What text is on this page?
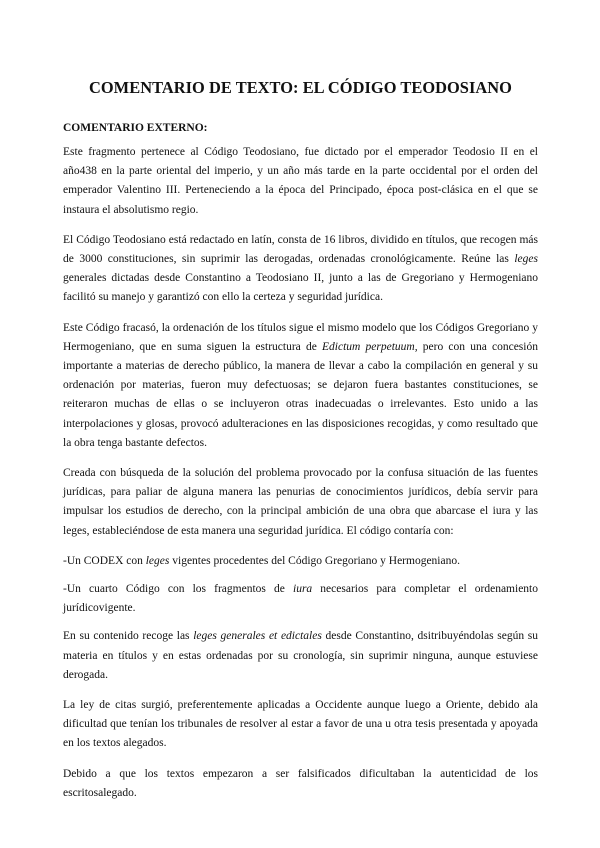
COMENTARIO DE TEXTO: EL CÓDIGO TEODOSIANO
COMENTARIO EXTERNO:

Este fragmento pertenece al Código Teodosiano, fue dictado por el emperador Teodosio II en el año438 en la parte oriental del imperio, y un año más tarde en la parte occidental por el orden del emperador Valentino III. Perteneciendo a la época del Principado, época post-clásica en el que se instaura el absolutismo regio.

El Código Teodosiano está redactado en latín, consta de 16 libros, dividido en títulos, que recogen más de 3000 constituciones, sin suprimir las derogadas, ordenadas cronológicamente. Reúne las leges generales dictadas desde Constantino a Teodosiano II, junto a las de Gregoriano y Hermogeniano facilitó su manejo y garantizó con ello la certeza y seguridad jurídica.

Este Código fracasó, la ordenación de los títulos sigue el mismo modelo que los Códigos Gregoriano y Hermogeniano, que en suma siguen la estructura de Edictum perpetuum, pero con una concesión importante a materias de derecho público, la manera de llevar a cabo la compilación en general y su ordenación por materias, fueron muy defectuosas; se dejaron fuera bastantes constituciones, se reiteraron muchas de ellas o se incluyeron otras inadecuadas o irrelevantes. Esto unido a las interpolaciones y glosas, provocó adulteraciones en las disposiciones recogidas, y como resultado que la obra tenga bastante defectos.

Creada con búsqueda de la solución del problema provocado por la confusa situación de las fuentes jurídicas, para paliar de alguna manera las penurias de conocimientos jurídicos, debía servir para impulsar los estudios de derecho, con la principal ambición de una obra que abarcase el iura y las leges, estableciéndose de esta manera una seguridad jurídica. El código contaría con:

-Un CODEX con leges vigentes procedentes del Código Gregoriano y Hermogeniano.

-Un cuarto Código con los fragmentos de iura necesarios para completar el ordenamiento jurídicovigente.

En su contenido recoge las leges generales et edictales desde Constantino, dsitribuyéndolas según su materia en títulos y en estas ordenadas por su cronología, sin suprimir ninguna, aunque estuviese derogada.

La ley de citas surgió, preferentemente aplicadas a Occidente aunque luego a Oriente, debido ala dificultad que tenían los tribunales de resolver al estar a favor de una u otra tesis presentada y apoyada en los textos alegados.

Debido a que los textos empezaron a ser falsificados dificultaban la autenticidad de los escritosalegado.
